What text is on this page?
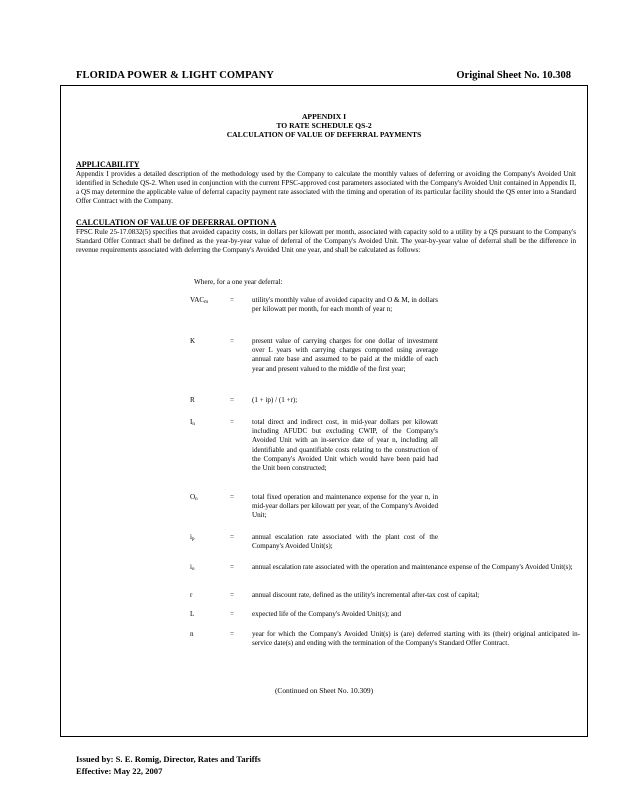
FLORIDA POWER & LIGHT COMPANY	Original Sheet No. 10.308
APPENDIX I
TO RATE SCHEDULE QS-2
CALCULATION OF VALUE OF DEFERRAL PAYMENTS
APPLICABILITY
Appendix I provides a detailed description of the methodology used by the Company to calculate the monthly values of deferring or avoiding the Company's Avoided Unit identified in Schedule QS-2. When used in conjunction with the current FPSC-approved cost parameters associated with the Company's Avoided Unit contained in Appendix II, a QS may determine the applicable value of deferral capacity payment rate associated with the timing and operation of its particular facility should the QS enter into a Standard Offer Contract with the Company.
CALCULATION OF VALUE OF DEFERRAL OPTION A
FPSC Rule 25-17.0832(5) specifies that avoided capacity costs, in dollars per kilowatt per month, associated with capacity sold to a utility by a QS pursuant to the Company's Standard Offer Contract shall be defined as the year-by-year value of deferral of the Company's Avoided Unit. The year-by-year value of deferral shall be the difference in revenue requirements associated with deferring the Company's Avoided Unit one year, and shall be calculated as follows:
Where, for a one year deferral:
$VAC_m$	=	utility's monthly value of avoided capacity and O & M, in dollars per kilowatt per month, for each month of year n;
K	=	present value of carrying charges for one dollar of investment over L years with carrying charges computed using average annual rate base and assumed to be paid at the middle of each year and present valued to the middle of the first year;
R	=	(1 + ip) / (1 +r);
$I_n$	=	total direct and indirect cost, in mid-year dollars per kilowatt including AFUDC but excluding CWIP, of the Company's Avoided Unit with an in-service date of year n, including all identifiable and quantifiable costs relating to the construction of the Company's Avoided Unit which would have been paid had the Unit been constructed;
$O_n$	=	total fixed operation and maintenance expense for the year n, in mid-year dollars per kilowatt per year, of the Company's Avoided Unit;
$i_p$	=	annual escalation rate associated with the plant cost of the Company's Avoided Unit(s);
$i_o$	=	annual escalation rate associated with the operation and maintenance expense of the Company's Avoided Unit(s);
r	=	annual discount rate, defined as the utility's incremental after-tax cost of capital;
L	=	expected life of the Company's Avoided Unit(s); and
n	=	year for which the Company's Avoided Unit(s) is (are) deferred starting with its (their) original anticipated in-service date(s) and ending with the termination of the Company's Standard Offer Contract.
(Continued on Sheet No. 10.309)
Issued by: S. E. Romig, Director, Rates and Tariffs
Effective: May 22, 2007
